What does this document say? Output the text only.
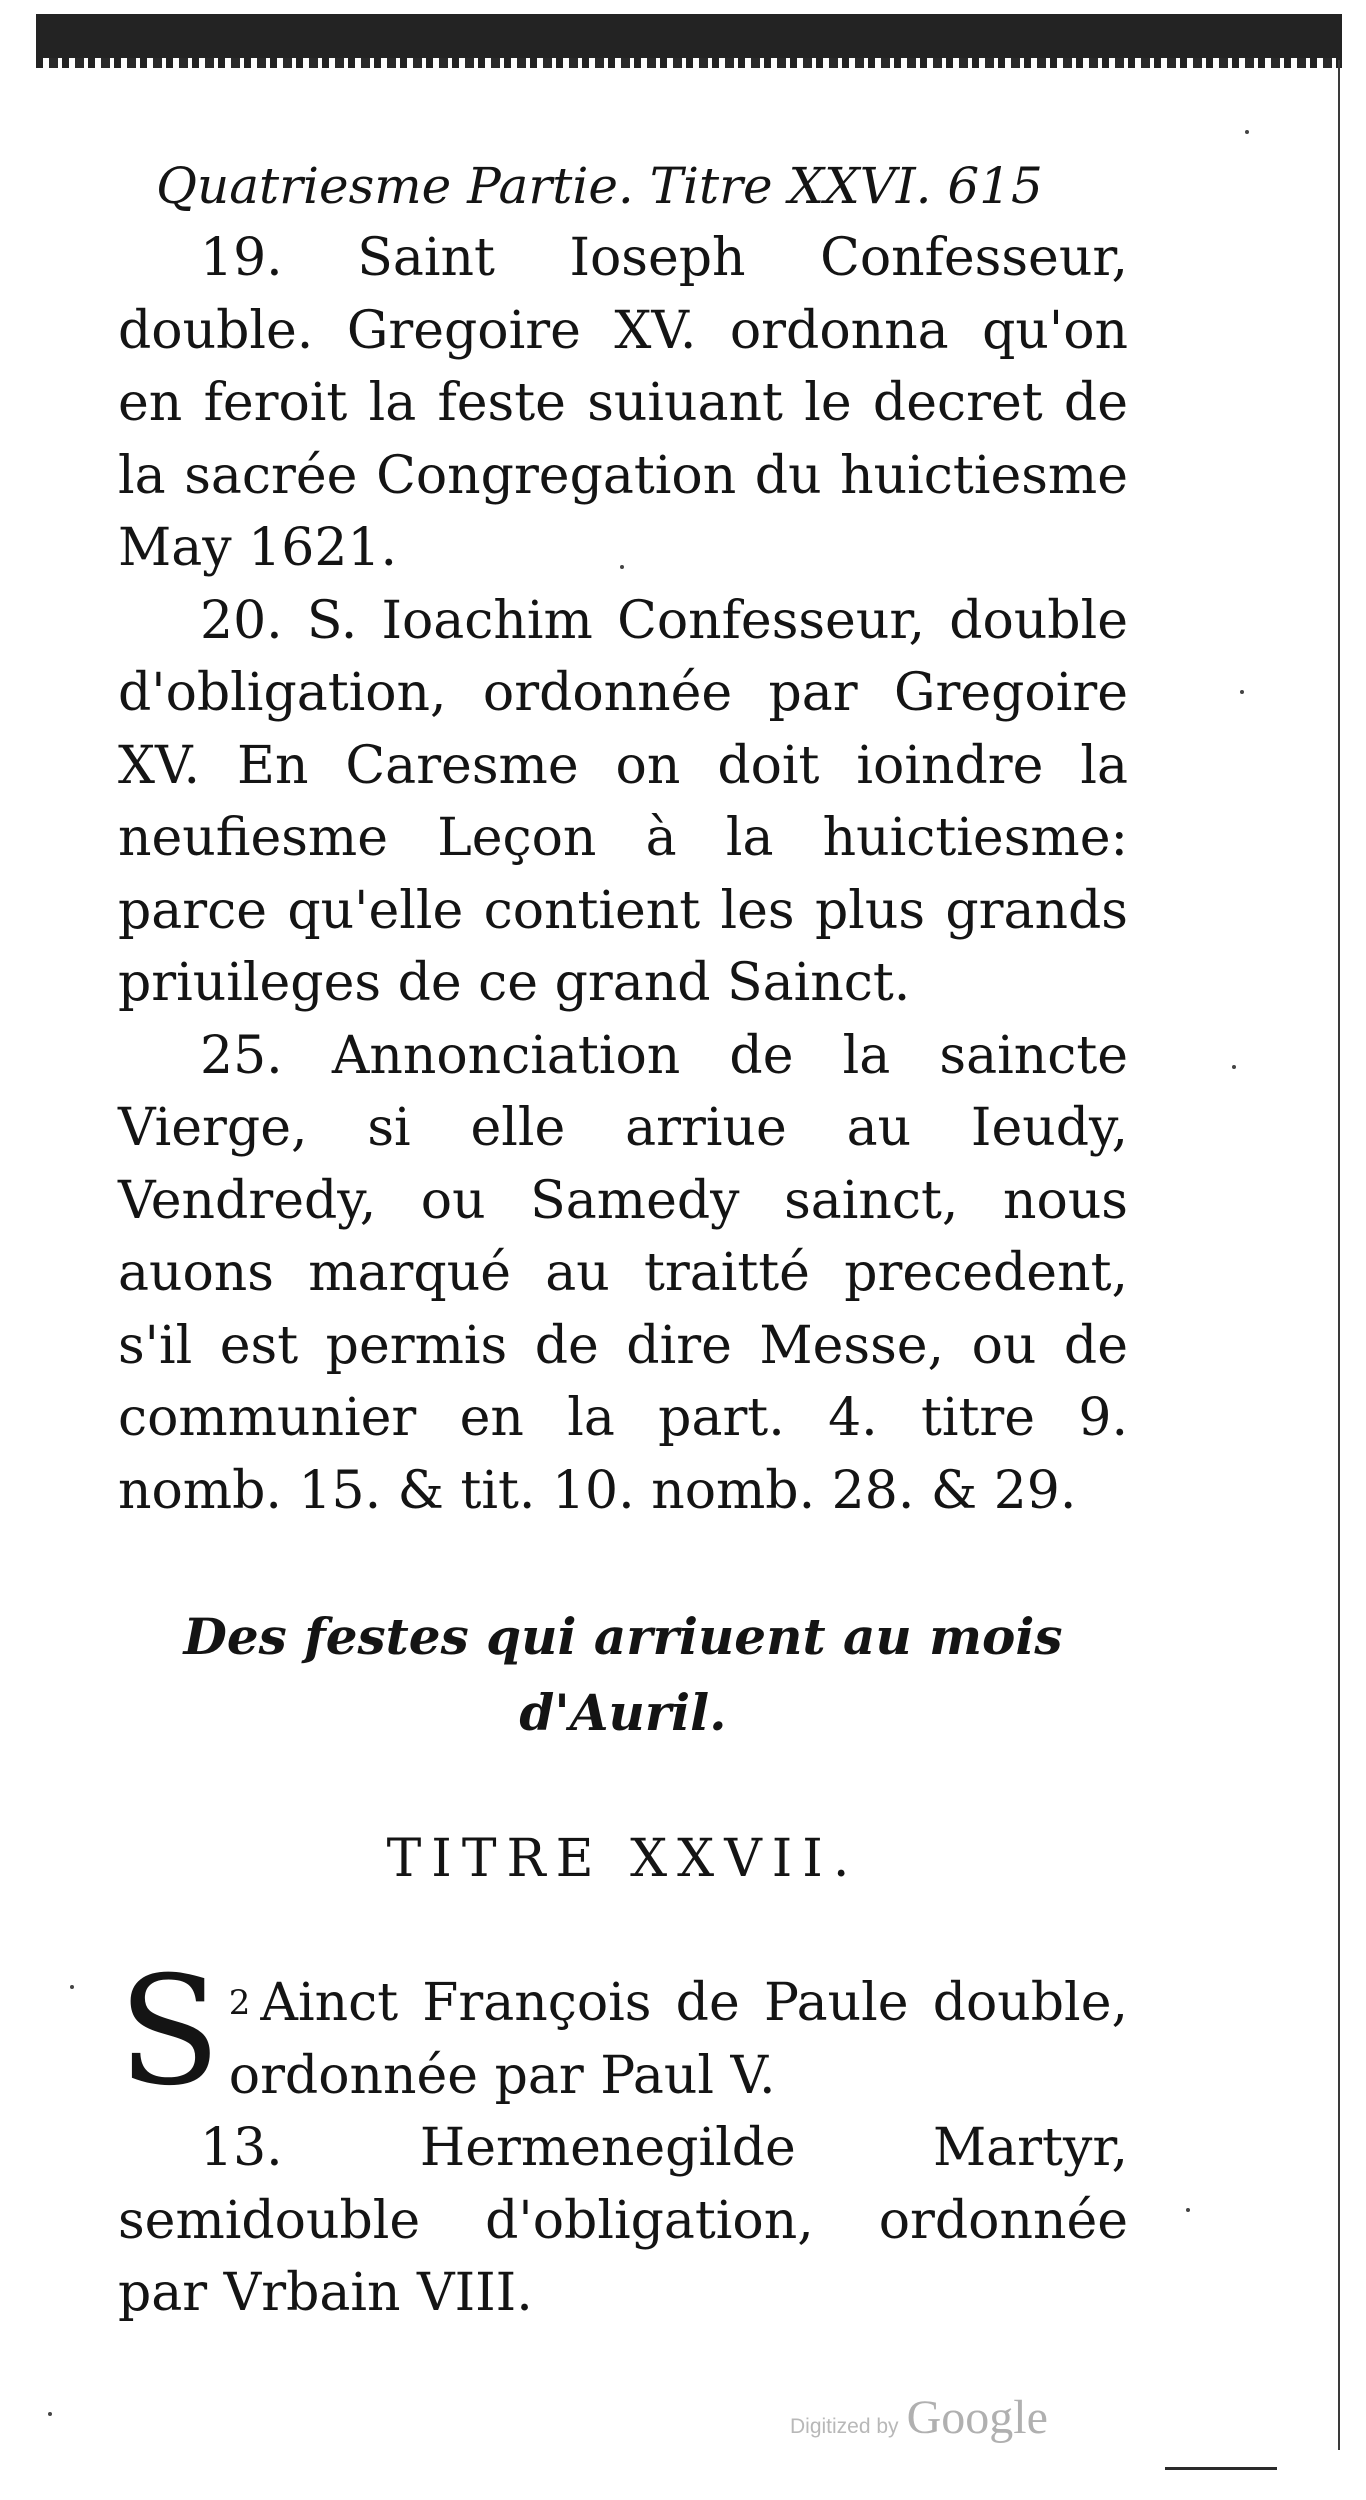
Quatriesme Partie. Titre XXVI. 615

19. Saint Ioseph Confesseur, double. Gregoire XV. ordonna qu'on en feroit la feste suiuant le decret de la sacrée Congregation du huictiesme May 1621.

20. S. Ioachim Confesseur, double d'obligation, ordonnée par Gregoire XV. En Caresme on doit ioindre la neufiesme Leçon à la huictiesme: parce qu'elle contient les plus grands priuileges de ce grand Sainct.

25. Annonciation de la saincte Vierge, si elle arriue au Ieudy, Vendredy, ou Samedy sainct, nous auons marqué au traitté precedent, s'il est permis de dire Messe, ou de communier en la part. 4. titre 9. nomb. 15. & tit. 10. nomb. 28. & 29.

Des festes qui arriuent au mois d'Auril.

TITRE XXVII.

2
S Ainct François de Paule double, ordonnée par Paul V.

13. Hermenegilde Martyr, semidouble d'obligation, ordonnée par Vrbain VIII.

Digitized by Google
